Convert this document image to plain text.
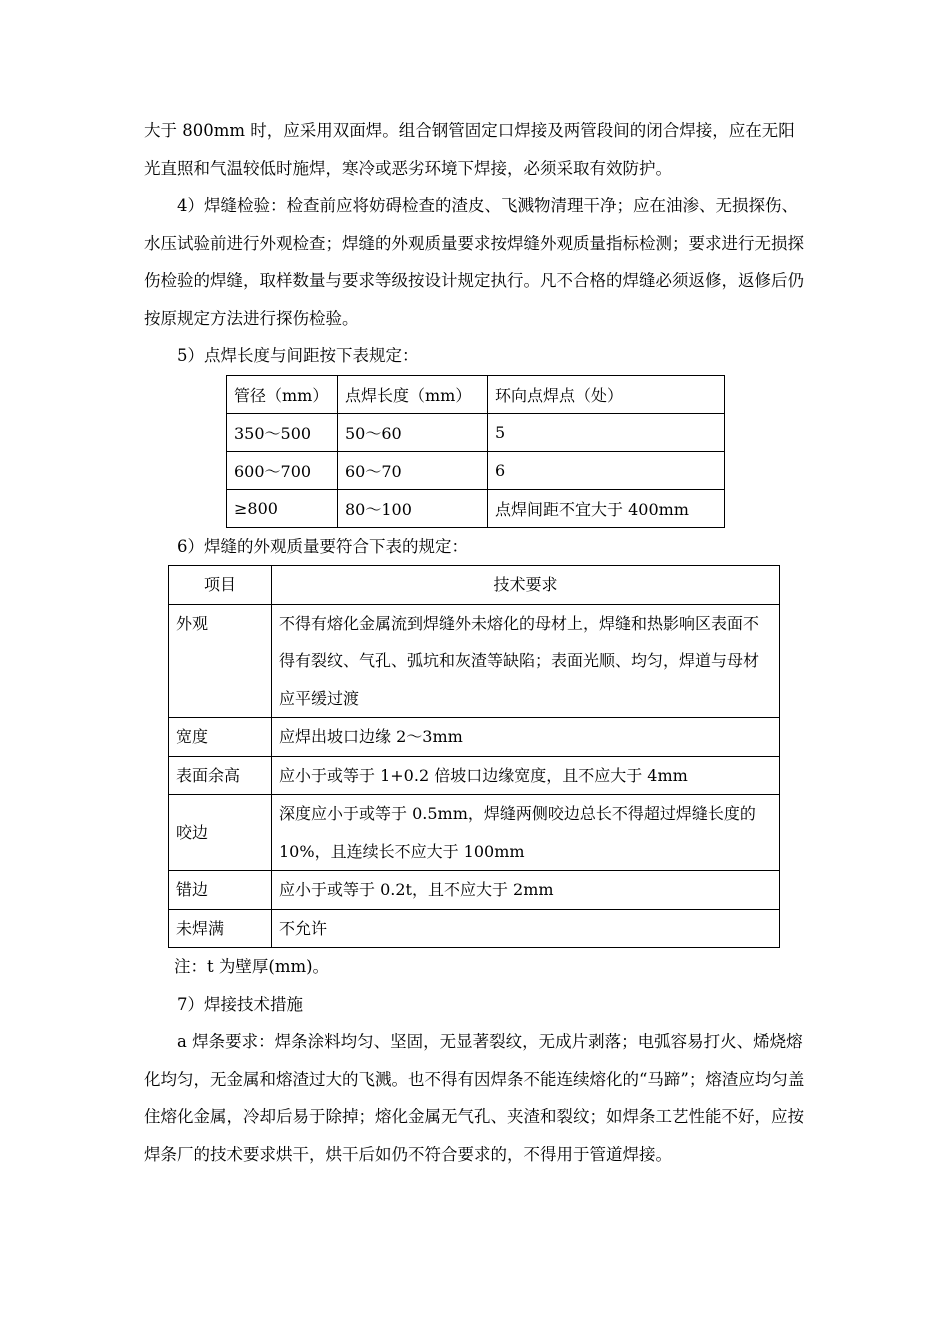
大于 800mm 时，应采用双面焊。组合钢管固定口焊接及两管段间的闭合焊接，应在无阳光直照和气温较低时施焊，寒冷或恶劣环境下焊接，必须采取有效防护。

4）焊缝检验：检查前应将妨碍检查的渣皮、飞溅物清理干净；应在油渗、无损探伤、水压试验前进行外观检查；焊缝的外观质量要求按焊缝外观质量指标检测；要求进行无损探伤检验的焊缝，取样数量与要求等级按设计规定执行。凡不合格的焊缝必须返修，返修后仍按原规定方法进行探伤检验。

5）点焊长度与间距按下表规定：

管径（mm）	点焊长度（mm）	环向点焊点（处）
350～500	50～60	5
600～700	60～70	6
≥800	80～100	点焊间距不宜大于 400mm

6）焊缝的外观质量要符合下表的规定：

项目	技术要求
外观	不得有熔化金属流到焊缝外未熔化的母材上，焊缝和热影响区表面不得有裂纹、气孔、弧坑和灰渣等缺陷；表面光顺、均匀，焊道与母材应平缓过渡
宽度	应焊出坡口边缘 2～3mm
表面余高	应小于或等于 1+0.2 倍坡口边缘宽度，且不应大于 4mm
咬边	深度应小于或等于 0.5mm，焊缝两侧咬边总长不得超过焊缝长度的 10%，且连续长不应大于 100mm
错边	应小于或等于 0.2t，且不应大于 2mm
未焊满	不允许

注：t 为壁厚(mm)。

7）焊接技术措施

a 焊条要求：焊条涂料均匀、坚固，无显著裂纹，无成片剥落；电弧容易打火、烯烧熔化均匀，无金属和熔渣过大的飞溅。也不得有因焊条不能连续熔化的“马蹄”；熔渣应均匀盖住熔化金属，冷却后易于除掉；熔化金属无气孔、夹渣和裂纹；如焊条工艺性能不好，应按焊条厂的技术要求烘干，烘干后如仍不符合要求的，不得用于管道焊接。
